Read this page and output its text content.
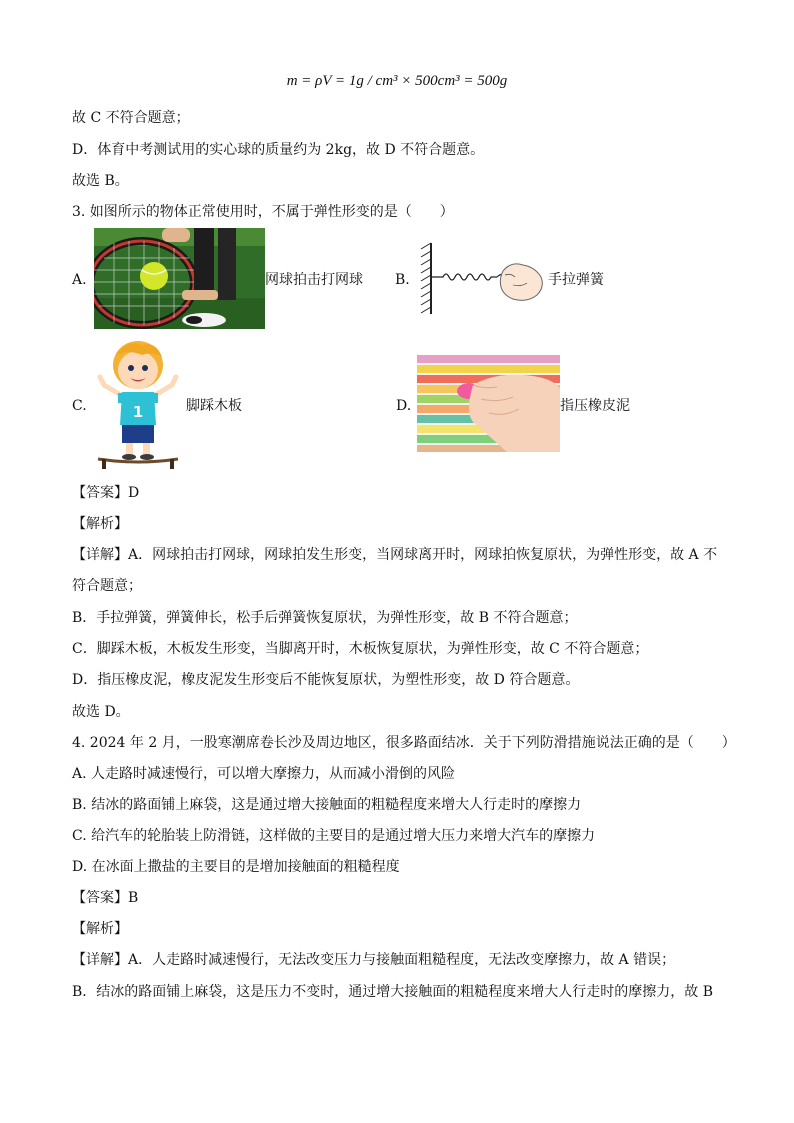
m = ρV = 1g / cm³ × 500cm³ = 500g
故 C 不符合题意；
D．体育中考测试用的实心球的质量约为 2kg，故 D 不符合题意。
故选 B。
3. 如图所示的物体正常使用时，不属于弹性形变的是（　　）
A.	网球拍击打网球 B.	手拉弹簧
C.	1	脚踩木板	D.	指压橡皮泥
【答案】D
【解析】
【详解】A．网球拍击打网球，网球拍发生形变，当网球离开时，网球拍恢复原状，为弹性形变，故 A 不
符合题意；
B．手拉弹簧，弹簧伸长，松手后弹簧恢复原状，为弹性形变，故 B 不符合题意；
C．脚踩木板，木板发生形变，当脚离开时，木板恢复原状，为弹性形变，故 C 不符合题意；
D．指压橡皮泥，橡皮泥发生形变后不能恢复原状，为塑性形变，故 D 符合题意。
故选 D。
4. 2024 年 2 月，一股寒潮席卷长沙及周边地区，很多路面结冰．关于下列防滑措施说法正确的是（　　）
A. 人走路时减速慢行，可以增大摩擦力，从而减小滑倒的风险
B. 结冰的路面铺上麻袋，这是通过增大接触面的粗糙程度来增大人行走时的摩擦力
C. 给汽车的轮胎装上防滑链，这样做的主要目的是通过增大压力来增大汽车的摩擦力
D. 在冰面上撒盐的主要目的是增加接触面的粗糙程度
【答案】B
【解析】
【详解】A．人走路时减速慢行，无法改变压力与接触面粗糙程度，无法改变摩擦力，故 A 错误；
B．结冰的路面铺上麻袋，这是压力不变时，通过增大接触面的粗糙程度来增大人行走时的摩擦力，故 B
